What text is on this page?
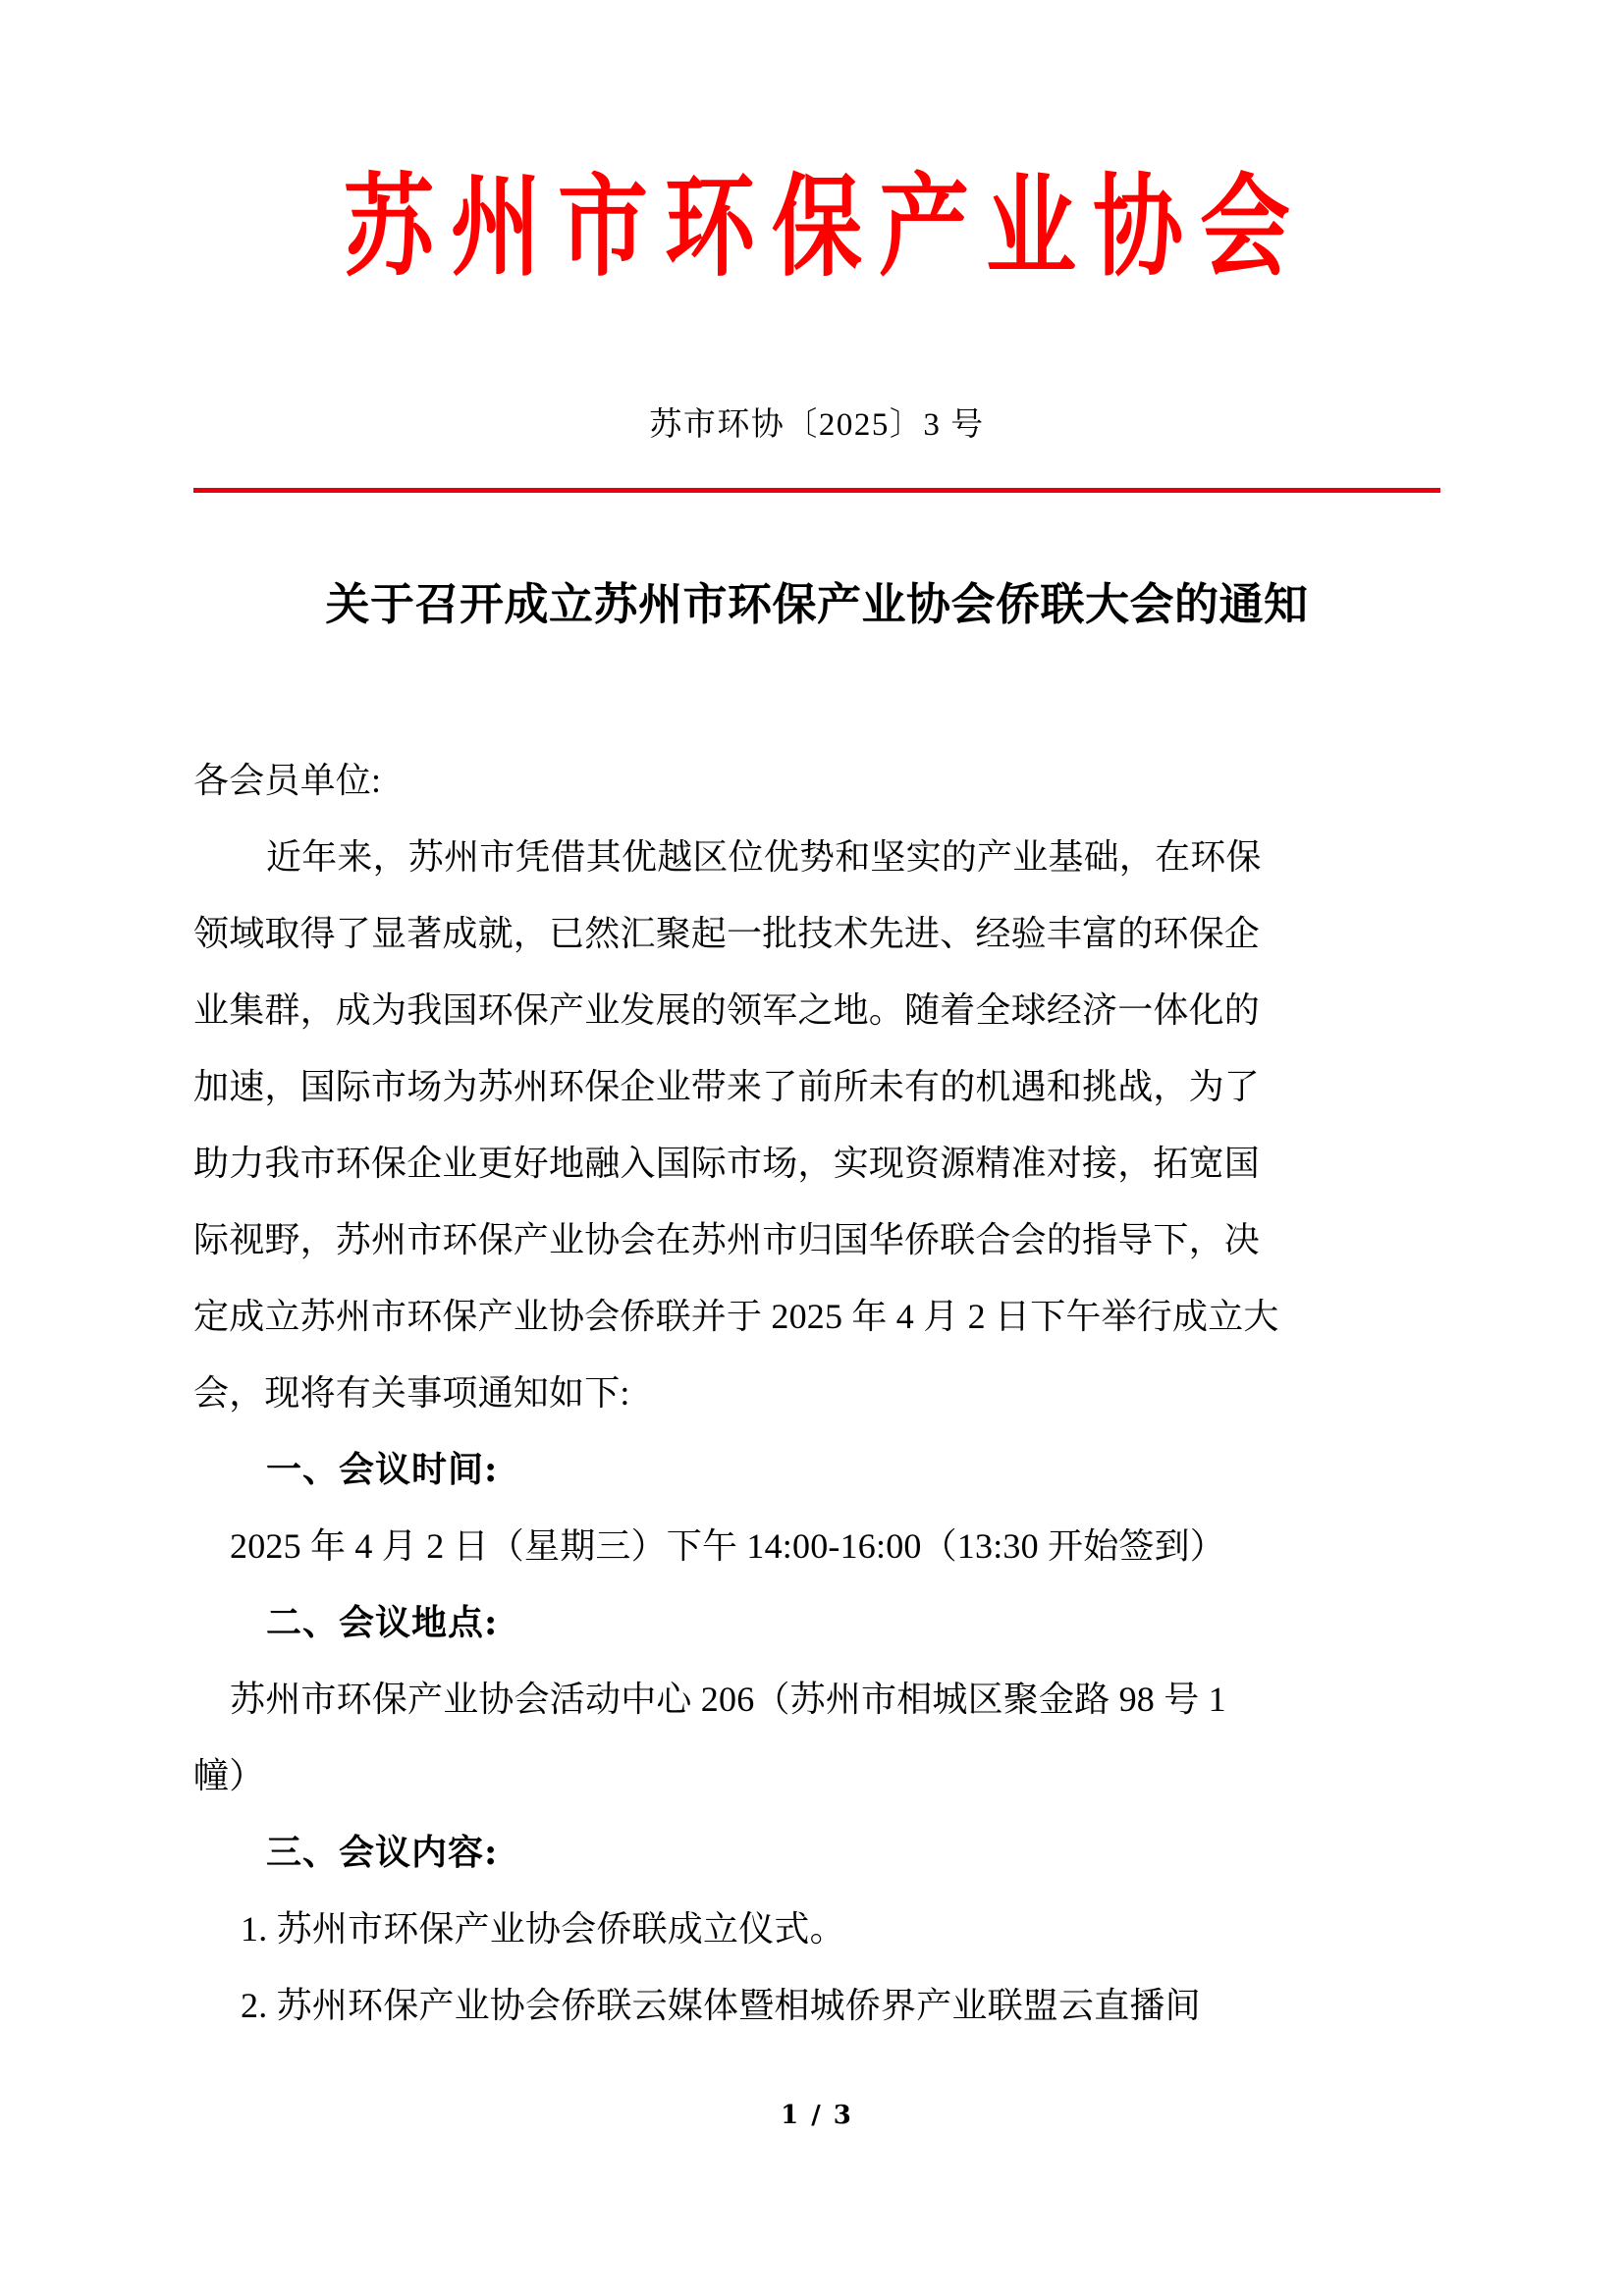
苏州市环保产业协会
苏市环协〔2025〕3 号
关于召开成立苏州市环保产业协会侨联大会的通知
各会员单位:
近年来，苏州市凭借其优越区位优势和坚实的产业基础，在环保
领域取得了显著成就，已然汇聚起一批技术先进、经验丰富的环保企
业集群，成为我国环保产业发展的领军之地。随着全球经济一体化的
加速，国际市场为苏州环保企业带来了前所未有的机遇和挑战，为了
助力我市环保企业更好地融入国际市场，实现资源精准对接，拓宽国
际视野，苏州市环保产业协会在苏州市归国华侨联合会的指导下，决
定成立苏州市环保产业协会侨联并于 2025 年 4 月 2 日下午举行成立大
会，现将有关事项通知如下:
一、会议时间:
2025 年 4 月 2 日（星期三）下午 14:00-16:00（13:30 开始签到）
二、会议地点:
苏州市环保产业协会活动中心 206（苏州市相城区聚金路 98 号 1
幢）
三、会议内容:
1. 苏州市环保产业协会侨联成立仪式。
2. 苏州环保产业协会侨联云媒体暨相城侨界产业联盟云直播间
1 / 3
